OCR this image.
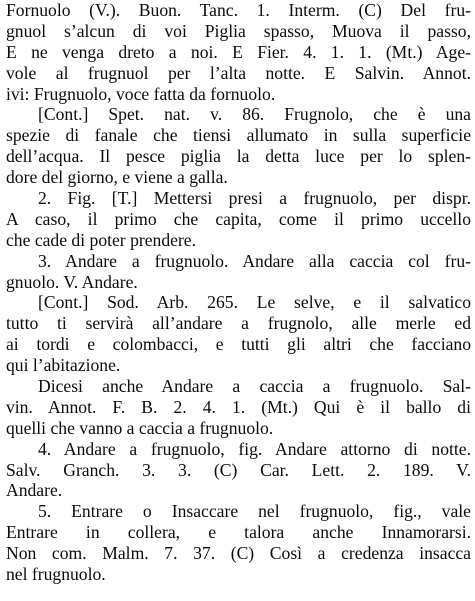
Fornuolo (V.). Buon. Tanc. 1. Interm. (C) Del fru-
gnuol s’alcun di voi Piglia spasso, Muova il passo,
E ne venga dreto a noi. E Fier. 4. 1. 1. (Mt.) Age-
vole al frugnuol per l’alta notte. E Salvin. Annot.
ivi: Frugnuolo, voce fatta da fornuolo.
[Cont.] Spet. nat. v. 86. Frugnolo, che è una
spezie di fanale che tiensi allumato in sulla superficie
dell’acqua. Il pesce piglia la detta luce per lo splen-
dore del giorno, e viene a galla.
2. Fig. [T.] Mettersi presi a frugnuolo, per dispr.
A caso, il primo che capita, come il primo uccello
che cade di poter prendere.
3. Andare a frugnuolo. Andare alla caccia col fru-
gnuolo. V. Andare.
[Cont.] Sod. Arb. 265. Le selve, e il salvatico
tutto ti servirà all’andare a frugnolo, alle merle ed
ai tordi e colombacci, e tutti gli altri che facciano
qui l’abitazione.
Dicesi anche Andare a caccia a frugnuolo. Sal-
vin. Annot. F. B. 2. 4. 1. (Mt.) Qui è il ballo di
quelli che vanno a caccia a frugnuolo.
4. Andare a frugnuolo, fig. Andare attorno di notte.
Salv. Granch. 3. 3. (C) Car. Lett. 2. 189. V.
Andare.
5. Entrare o Insaccare nel frugnuolo, fig., vale
Entrare in collera, e talora anche Innamorarsi.
Non com. Malm. 7. 37. (C) Così a credenza insacca
nel frugnuolo.
